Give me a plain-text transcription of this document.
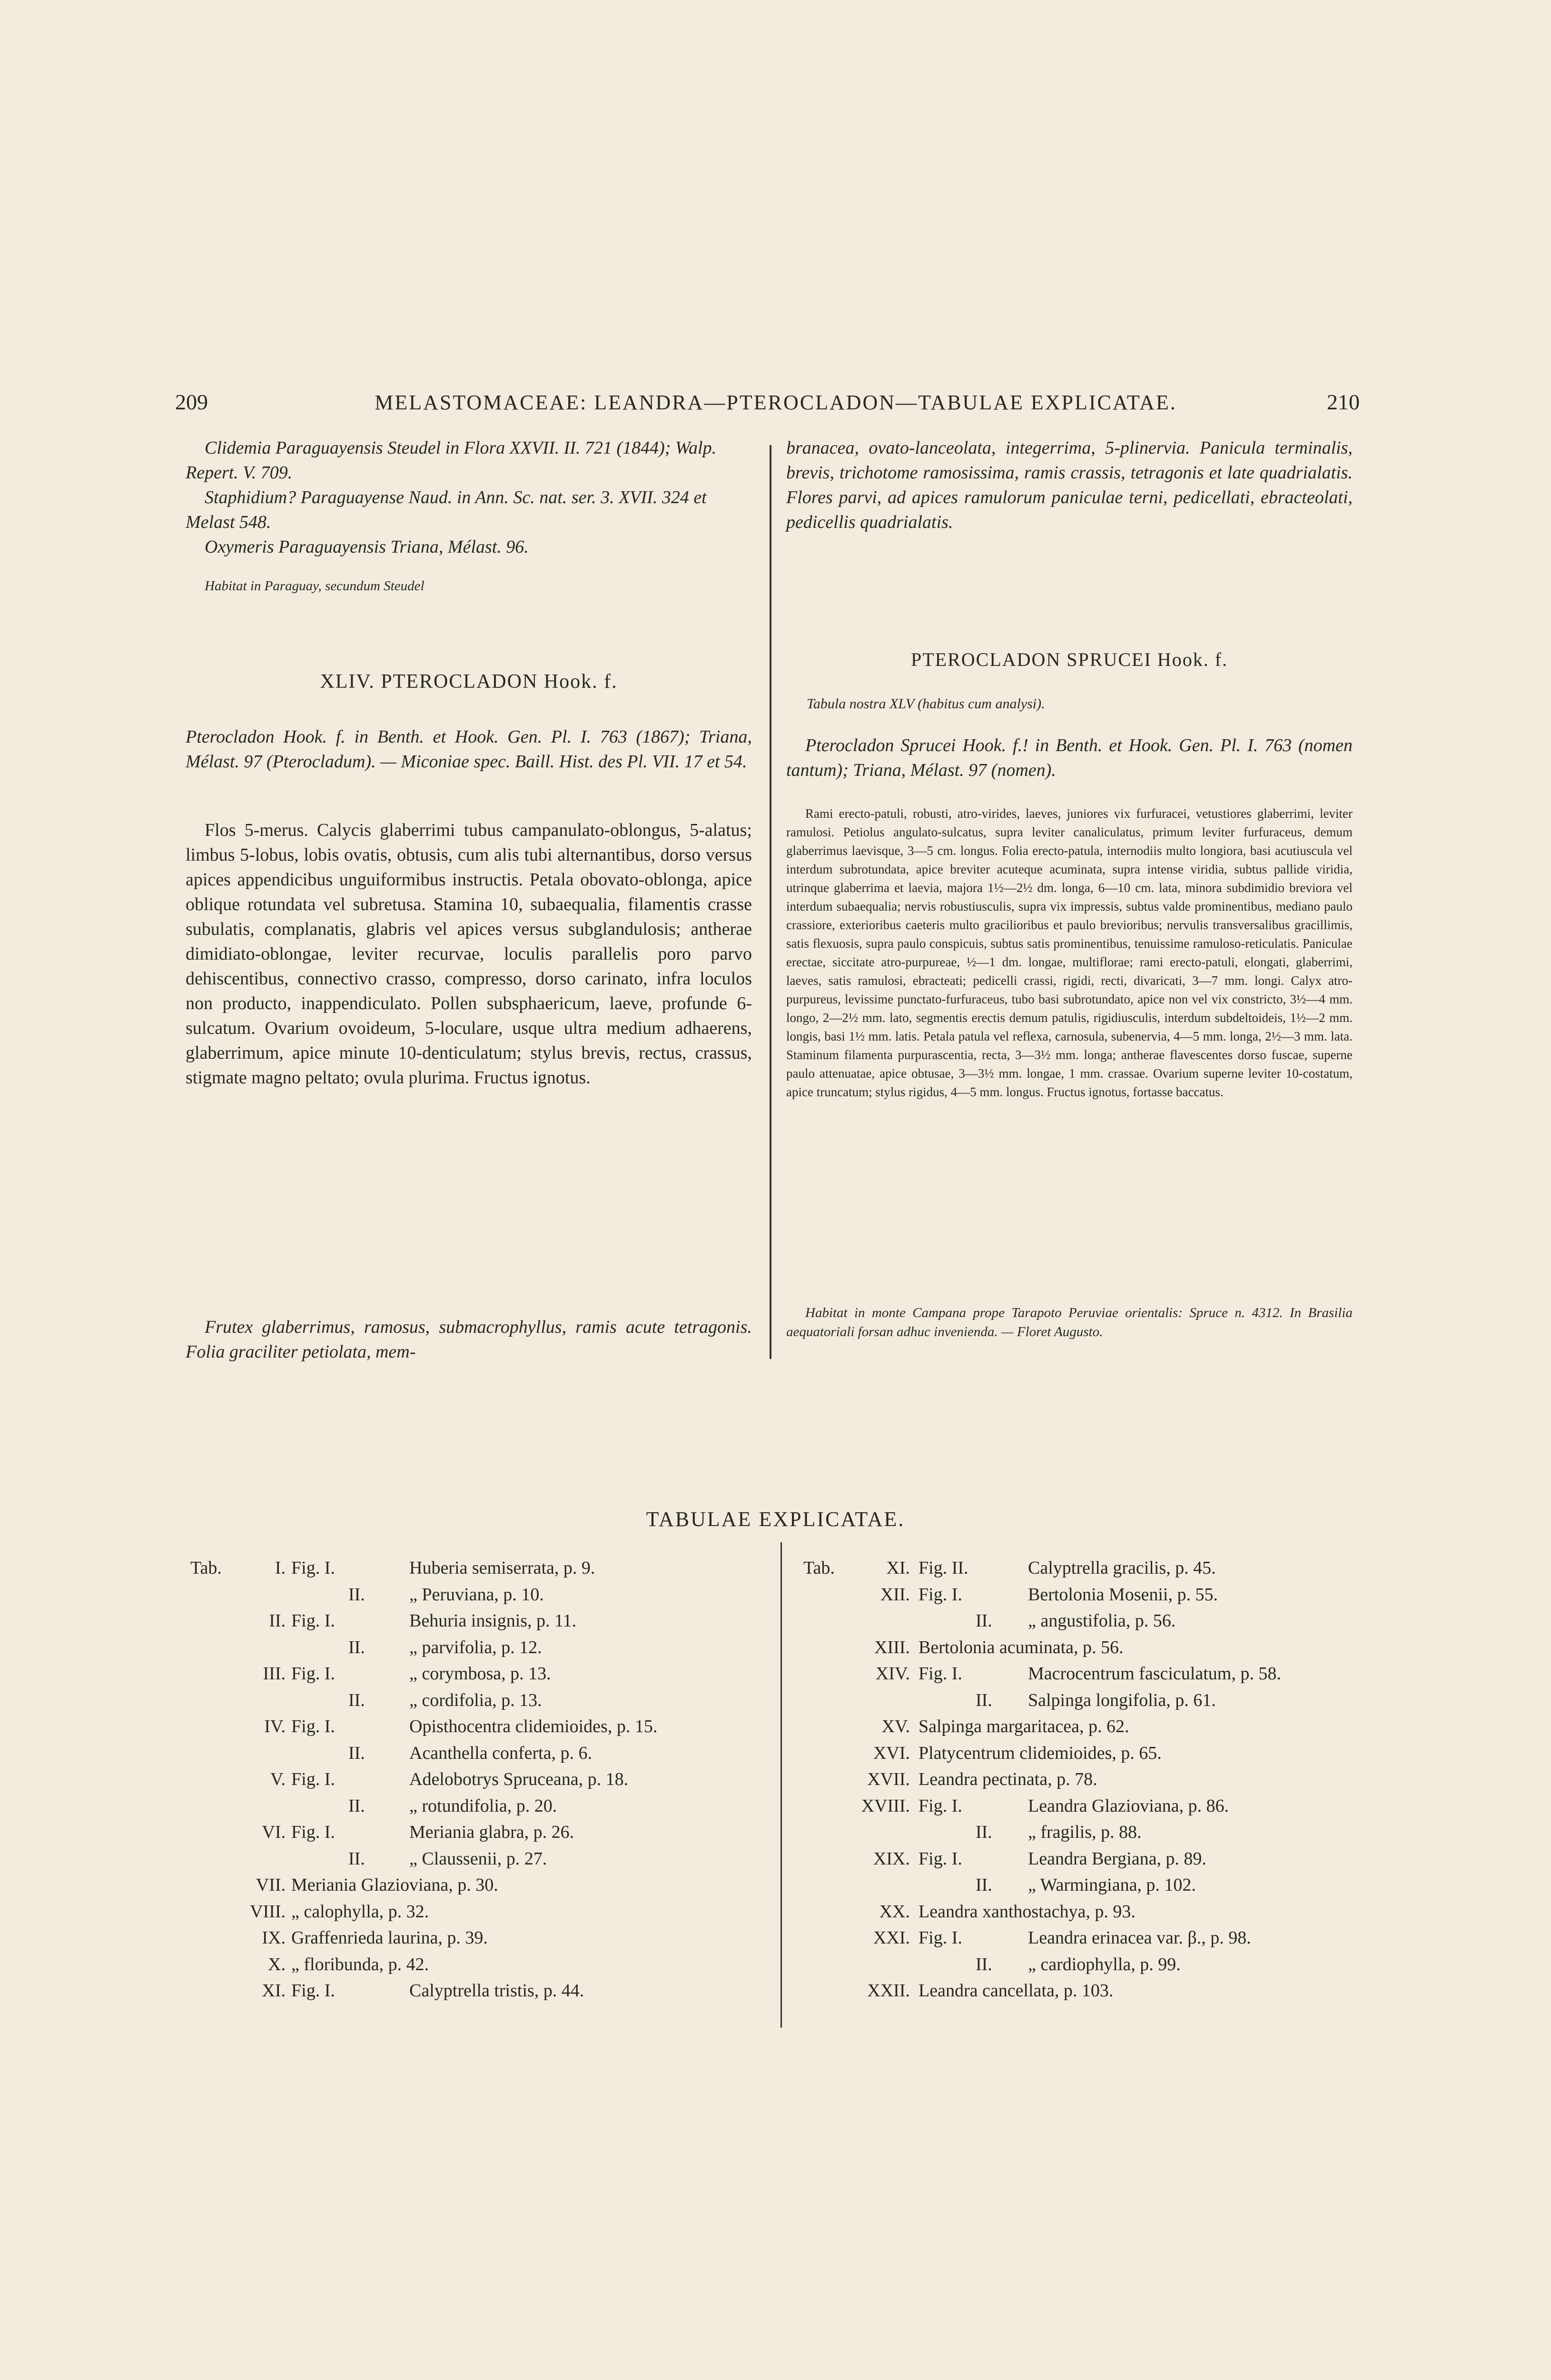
209	MELASTOMACEAE: LEANDRA—PTEROCLADON—TABULAE EXPLICATAE.	210

Clidemia Paraguayensis Steudel in Flora XXVII. II. 721 (1844); Walp. Repert. V. 709.

Staphidium? Paraguayense Naud. in Ann. Sc. nat. ser. 3. XVII. 324 et Melast 548.

Oxymeris Paraguayensis Triana, Mélast. 96.

Habitat in Paraguay, secundum Steudel

XLIV. PTEROCLADON Hook. f.
Pterocladon Hook. f. in Benth. et Hook. Gen. Pl. I. 763 (1867); Triana, Mélast. 97 (Pterocladum). — Miconiae spec. Baill. Hist. des Pl. VII. 17 et 54.
Flos 5-merus. Calycis glaberrimi tubus campanulato-oblongus, 5-alatus; limbus 5-lobus, lobis ovatis, obtusis, cum alis tubi alternantibus, dorso versus apices appendicibus unguiformibus instructis. Petala obovato-oblonga, apice oblique rotundata vel subretusa. Stamina 10, subaequalia, filamentis crasse subulatis, complanatis, glabris vel apices versus subglandulosis; antherae dimidiato-oblongae, leviter recurvae, loculis parallelis poro parvo dehiscentibus, connectivo crasso, compresso, dorso carinato, infra loculos non producto, inappendiculato. Pollen subsphaericum, laeve, profunde 6-sulcatum. Ovarium ovoideum, 5-loculare, usque ultra medium adhaerens, glaberrimum, apice minute 10-denticulatum; stylus brevis, rectus, crassus, stigmate magno peltato; ovula plurima. Fructus ignotus.
Frutex glaberrimus, ramosus, submacrophyllus, ramis acute tetragonis. Folia graciliter petiolata, mem-
branacea, ovato-lanceolata, integerrima, 5-plinervia. Panicula terminalis, brevis, trichotome ramosissima, ramis crassis, tetragonis et late quadrialatis. Flores parvi, ad apices ramulorum paniculae terni, pedicellati, ebracteolati, pedicellis quadrialatis.
PTEROCLADON SPRUCEI Hook. f.
Tabula nostra XLV (habitus cum analysi).
Pterocladon Sprucei Hook. f.! in Benth. et Hook. Gen. Pl. I. 763 (nomen tantum); Triana, Mélast. 97 (nomen).
Rami erecto-patuli, robusti, atro-virides, laeves, juniores vix furfuracei, vetustiores glaberrimi, leviter ramulosi. Petiolus angulato-sulcatus, supra leviter canaliculatus, primum leviter furfuraceus, demum glaberrimus laevisque, 3—5 cm. longus. Folia erecto-patula, internodiis multo longiora, basi acutiuscula vel interdum subrotundata, apice breviter acuteque acuminata, supra intense viridia, subtus pallide viridia, utrinque glaberrima et laevia, majora 1½—2½ dm. longa, 6—10 cm. lata, minora subdimidio breviora vel interdum subaequalia; nervis robustiusculis, supra vix impressis, subtus valde prominentibus, mediano paulo crassiore, exterioribus caeteris multo gracilioribus et paulo brevioribus; nervulis transversalibus gracillimis, satis flexuosis, supra paulo conspicuis, subtus satis prominentibus, tenuissime ramuloso-reticulatis. Paniculae erectae, siccitate atro-purpureae, ½—1 dm. longae, multiflorae; rami erecto-patuli, elongati, glaberrimi, laeves, satis ramulosi, ebracteati; pedicelli crassi, rigidi, recti, divaricati, 3—7 mm. longi. Calyx atro-purpureus, levissime punctato-furfuraceus, tubo basi subrotundato, apice non vel vix constricto, 3½—4 mm. longo, 2—2½ mm. lato, segmentis erectis demum patulis, rigidiusculis, interdum subdeltoideis, 1½—2 mm. longis, basi 1½ mm. latis. Petala patula vel reflexa, carnosula, subenervia, 4—5 mm. longa, 2½—3 mm. lata. Staminum filamenta purpurascentia, recta, 3—3½ mm. longa; antherae flavescentes dorso fuscae, superne paulo attenuatae, apice obtusae, 3—3½ mm. longae, 1 mm. crassae. Ovarium superne leviter 10-costatum, apice truncatum; stylus rigidus, 4—5 mm. longus. Fructus ignotus, fortasse baccatus.
Habitat in monte Campana prope Tarapoto Peruviae orientalis: Spruce n. 4312. In Brasilia aequatoriali forsan adhuc invenienda. — Floret Augusto.
TABULAE EXPLICATAE.
Tab.	Tab.
I. Fig. I.	Huberia semiserrata, p. 9.
II. „ Peruviana, p. 10.
II. Fig. I.	Behuria insignis, p. 11.
II. „ parvifolia, p. 12.
III. Fig. I.	„ corymbosa, p. 13.
II. „ cordifolia, p. 13.
IV. Fig. I.	Opisthocentra clidemioides, p. 15.
II. Acanthella conferta, p. 6.
V. Fig. I.	Adelobotrys Spruceana, p. 18.
II. „ rotundifolia, p. 20.
VI. Fig. I.	Meriania glabra, p. 26.
II. „ Claussenii, p. 27.
VII. Meriania Glazioviana, p. 30.
VIII. „ calophylla, p. 32.
IX. Graffenrieda laurina, p. 39.
X. „ floribunda, p. 42.
XI. Fig. I.	Calyptrella tristis, p. 44.
XI. Fig. II.	Calyptrella gracilis, p. 45.
XII. Fig. I.	Bertolonia Mosenii, p. 55.
II. „ angustifolia, p. 56.
XIII. Bertolonia acuminata, p. 56.
XIV. Fig. I.	Macrocentrum fasciculatum, p. 58.
II. Salpinga longifolia, p. 61.
XV. Salpinga margaritacea, p. 62.
XVI. Platycentrum clidemioides, p. 65.
XVII. Leandra pectinata, p. 78.
XVIII. Fig. I.	Leandra Glazioviana, p. 86.
II. „ fragilis, p. 88.
XIX. Fig. I.	Leandra Bergiana, p. 89.
II. „ Warmingiana, p. 102.
XX. Leandra xanthostachya, p. 93.
XXI. Fig. I.	Leandra erinacea var. β., p. 98.
II. „ cardiophylla, p. 99.
XXII. Leandra cancellata, p. 103.
